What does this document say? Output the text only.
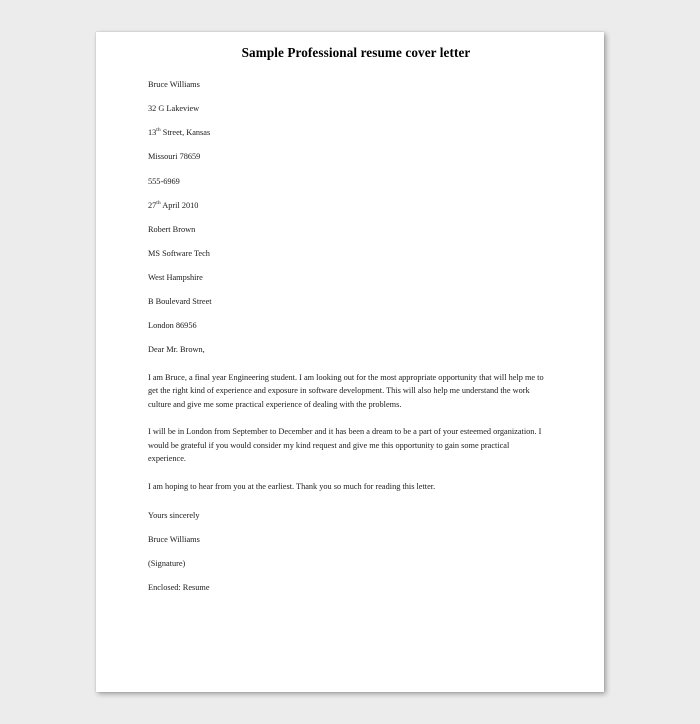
Sample Professional resume cover letter

Bruce Williams

32 G Lakeview

13th Street, Kansas

Missouri 78659

555-6969

27th April 2010

Robert Brown

MS Software Tech

West Hampshire

B Boulevard Street

London 86956

Dear Mr. Brown,

I am Bruce, a final year Engineering student. I am looking out for the most appropriate opportunity that will help me to get the right kind of experience and exposure in software development. This will also help me understand the work culture and give me some practical experience of dealing with the problems.

I will be in London from September to December and it has been a dream to be a part of your esteemed organization. I would be grateful if you would consider my kind request and give me this opportunity to gain some practical experience.

I am hoping to hear from you at the earliest. Thank you so much for reading this letter.

Yours sincerely

Bruce Williams

(Signature)

Enclosed: Resume
